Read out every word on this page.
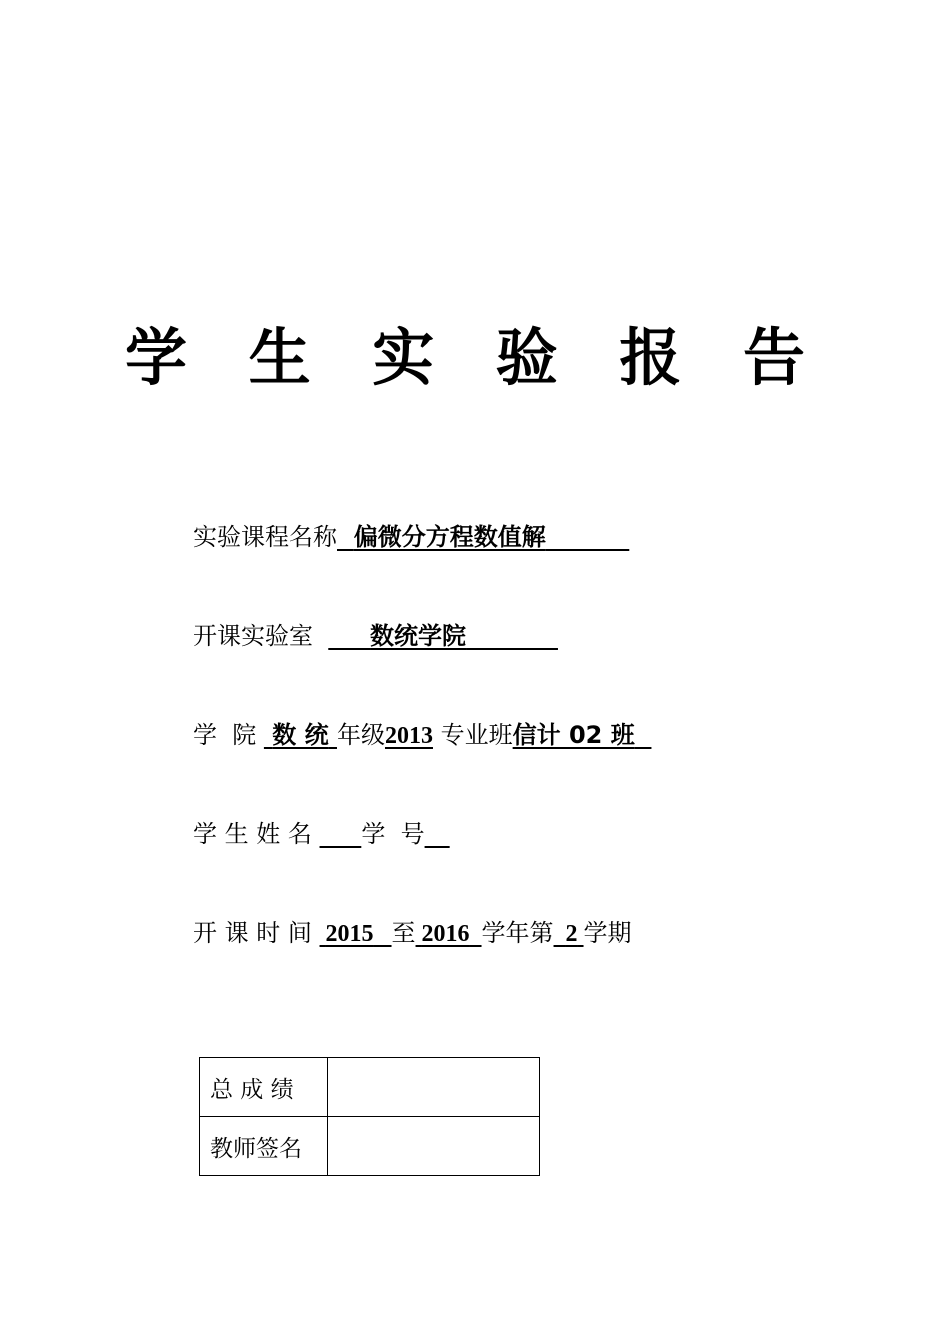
学 生 实 验 报 告
实验课程名称 偏微分方程数值解
开课实验室 数统学院
学  院 数 统 年级2013 专业班信计 02 班
学 生 姓 名 学  号
开 课 时 间 2015 至 2016 学年第 2 学期
总 成 绩	
教师签名	
